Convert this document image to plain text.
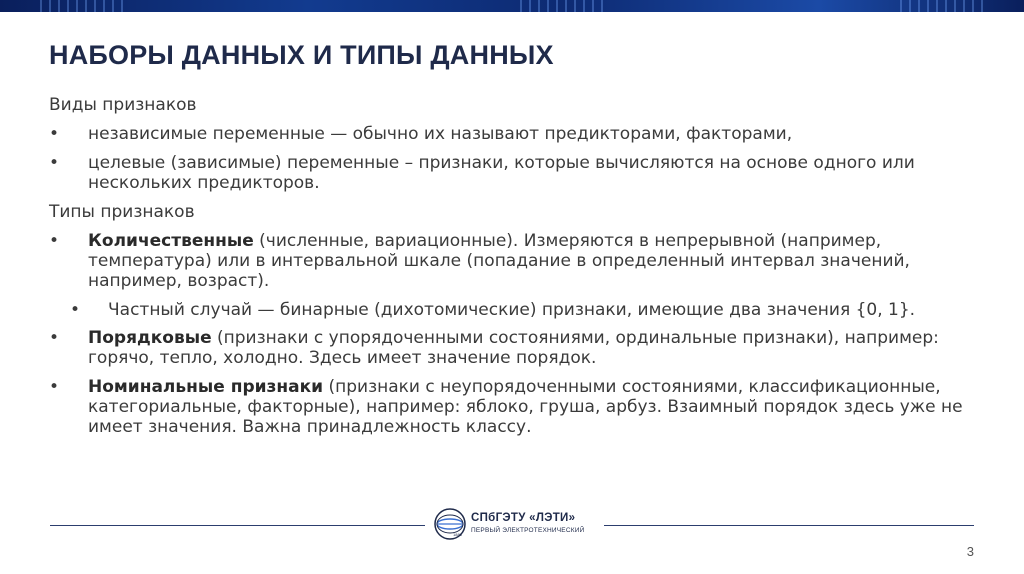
НАБОРЫ ДАННЫХ И ТИПЫ ДАННЫХ
Виды признаков
• независимые переменные — обычно их называют предикторами, факторами,
• целевые (зависимые) переменные – признаки, которые вычисляются на основе одного или нескольких предикторов.
Типы признаков
• Количественные (численные, вариационные). Измеряются в непрерывной (например, температура) или в интервальной шкале (попадание в определенный интервал значений, например, возраст).
• Частный случай — бинарные (дихотомические) признаки, имеющие два значения {0, 1}.
• Порядковые (признаки с упорядоченными состояниями, ординальные признаки), например: горячо, тепло, холодно. Здесь имеет значение порядок.
• Номинальные признаки (признаки с неупорядоченными состояниями, классификационные, категориальные, факторные), например: яблоко, груша, арбуз. Взаимный порядок здесь уже не имеет значения. Важна принадлежность классу.
1886
СПбГЭТУ «ЛЭТИ»
ПЕРВЫЙ ЭЛЕКТРОТЕХНИЧЕСКИЙ
3
